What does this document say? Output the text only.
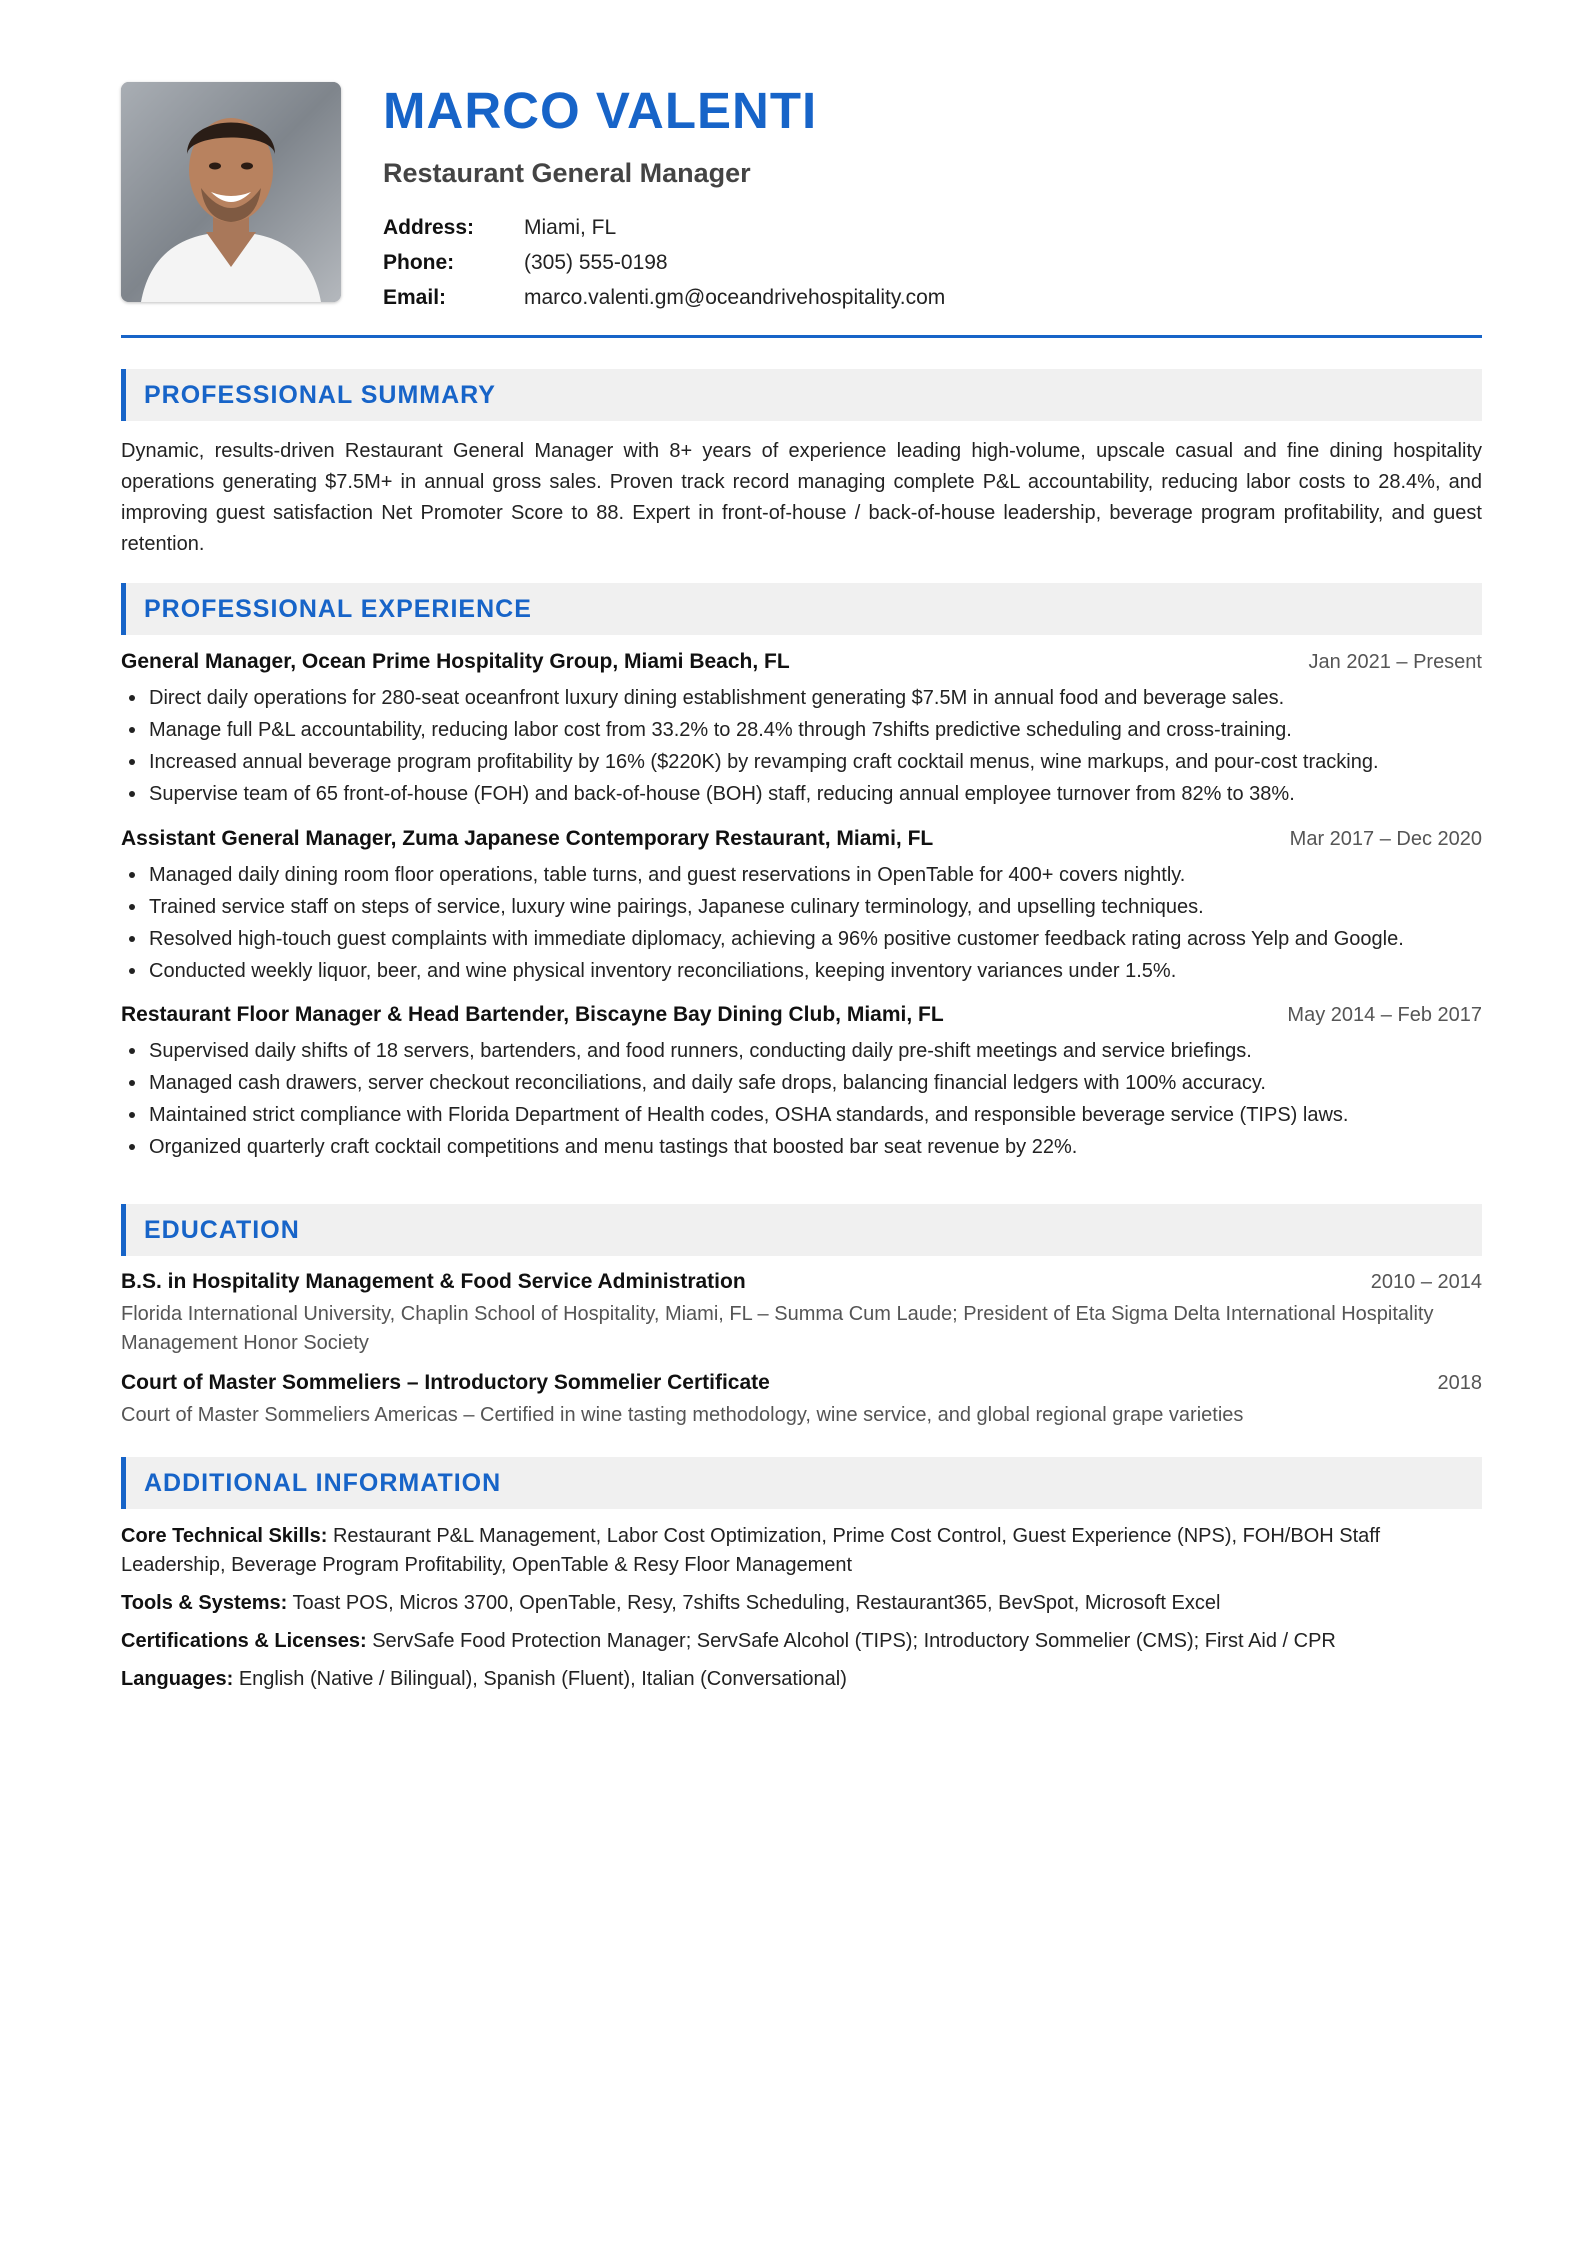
MARCO VALENTI
Restaurant General Manager
Address:	Miami, FL
Phone:	(305) 555-0198
Email:	marco.valenti.gm@oceandrivehospitality.com
PROFESSIONAL SUMMARY

Dynamic, results-driven Restaurant General Manager with 8+ years of experience leading high-volume, upscale casual and fine dining hospitality operations generating $7.5M+ in annual gross sales. Proven track record managing complete P&L accountability, reducing labor costs to 28.4%, and improving guest satisfaction Net Promoter Score to 88. Expert in front-of-house / back-of-house leadership, beverage program profitability, and guest retention.

PROFESSIONAL EXPERIENCE
General Manager, Ocean Prime Hospitality Group, Miami Beach, FL	Jan 2021 – Present
Direct daily operations for 280-seat oceanfront luxury dining establishment generating $7.5M in annual food and beverage sales.
Manage full P&L accountability, reducing labor cost from 33.2% to 28.4% through 7shifts predictive scheduling and cross-training.
Increased annual beverage program profitability by 16% ($220K) by revamping craft cocktail menus, wine markups, and pour-cost tracking.
Supervise team of 65 front-of-house (FOH) and back-of-house (BOH) staff, reducing annual employee turnover from 82% to 38%.
Assistant General Manager, Zuma Japanese Contemporary Restaurant, Miami, FL	Mar 2017 – Dec 2020
Managed daily dining room floor operations, table turns, and guest reservations in OpenTable for 400+ covers nightly.
Trained service staff on steps of service, luxury wine pairings, Japanese culinary terminology, and upselling techniques.
Resolved high-touch guest complaints with immediate diplomacy, achieving a 96% positive customer feedback rating across Yelp and Google.
Conducted weekly liquor, beer, and wine physical inventory reconciliations, keeping inventory variances under 1.5%.
Restaurant Floor Manager & Head Bartender, Biscayne Bay Dining Club, Miami, FL	May 2014 – Feb 2017
Supervised daily shifts of 18 servers, bartenders, and food runners, conducting daily pre-shift meetings and service briefings.
Managed cash drawers, server checkout reconciliations, and daily safe drops, balancing financial ledgers with 100% accuracy.
Maintained strict compliance with Florida Department of Health codes, OSHA standards, and responsible beverage service (TIPS) laws.
Organized quarterly craft cocktail competitions and menu tastings that boosted bar seat revenue by 22%.
EDUCATION
B.S. in Hospitality Management & Food Service Administration	2010 – 2014

Florida International University, Chaplin School of Hospitality, Miami, FL – Summa Cum Laude; President of Eta Sigma Delta International Hospitality Management Honor Society

Court of Master Sommeliers – Introductory Sommelier Certificate	2018

Court of Master Sommeliers Americas – Certified in wine tasting methodology, wine service, and global regional grape varieties

ADDITIONAL INFORMATION

Core Technical Skills: Restaurant P&L Management, Labor Cost Optimization, Prime Cost Control, Guest Experience (NPS), FOH/BOH Staff Leadership, Beverage Program Profitability, OpenTable & Resy Floor Management

Tools & Systems: Toast POS, Micros 3700, OpenTable, Resy, 7shifts Scheduling, Restaurant365, BevSpot, Microsoft Excel

Certifications & Licenses: ServSafe Food Protection Manager; ServSafe Alcohol (TIPS); Introductory Sommelier (CMS); First Aid / CPR

Languages: English (Native / Bilingual), Spanish (Fluent), Italian (Conversational)
